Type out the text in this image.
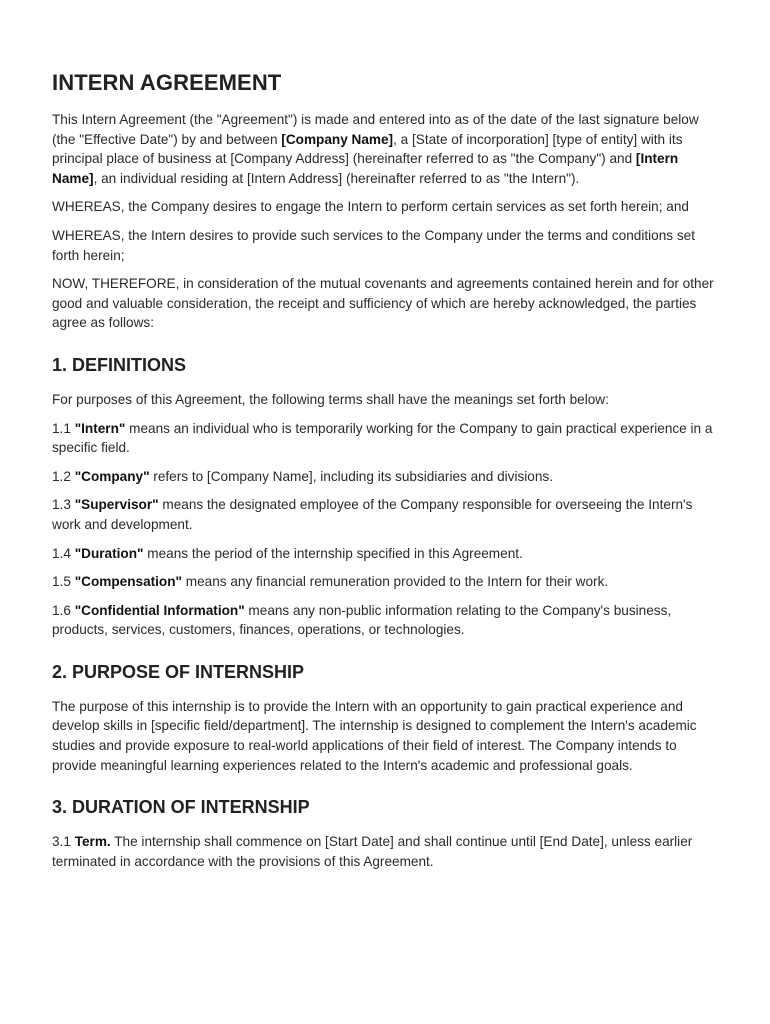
INTERN AGREEMENT

This Intern Agreement (the "Agreement") is made and entered into as of the date of the last signature below (the "Effective Date") by and between [Company Name], a [State of incorporation] [type of entity] with its principal place of business at [Company Address] (hereinafter referred to as "the Company") and [Intern Name], an individual residing at [Intern Address] (hereinafter referred to as "the Intern").

WHEREAS, the Company desires to engage the Intern to perform certain services as set forth herein; and

WHEREAS, the Intern desires to provide such services to the Company under the terms and conditions set forth herein;

NOW, THEREFORE, in consideration of the mutual covenants and agreements contained herein and for other good and valuable consideration, the receipt and sufficiency of which are hereby acknowledged, the parties agree as follows:

1. DEFINITIONS

For purposes of this Agreement, the following terms shall have the meanings set forth below:

1.1 "Intern" means an individual who is temporarily working for the Company to gain practical experience in a specific field.

1.2 "Company" refers to [Company Name], including its subsidiaries and divisions.

1.3 "Supervisor" means the designated employee of the Company responsible for overseeing the Intern's work and development.

1.4 "Duration" means the period of the internship specified in this Agreement.

1.5 "Compensation" means any financial remuneration provided to the Intern for their work.

1.6 "Confidential Information" means any non-public information relating to the Company's business, products, services, customers, finances, operations, or technologies.

2. PURPOSE OF INTERNSHIP

The purpose of this internship is to provide the Intern with an opportunity to gain practical experience and develop skills in [specific field/department]. The internship is designed to complement the Intern's academic studies and provide exposure to real-world applications of their field of interest. The Company intends to provide meaningful learning experiences related to the Intern's academic and professional goals.

3. DURATION OF INTERNSHIP

3.1 Term. The internship shall commence on [Start Date] and shall continue until [End Date], unless earlier terminated in accordance with the provisions of this Agreement.
